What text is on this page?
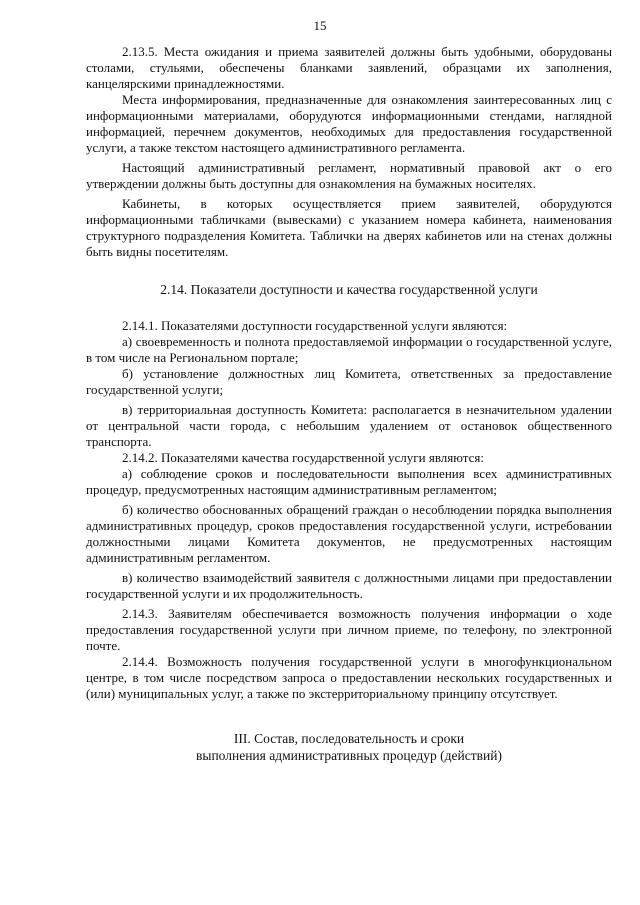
15

2.13.5. Места ожидания и приема заявителей должны быть удобными, оборудованы столами, стульями, обеспечены бланками заявлений, образцами их заполнения, канцелярскими принадлежностями.

Места информирования, предназначенные для ознакомления заинтересованных лиц с информационными материалами, оборудуются информационными стендами, наглядной информацией, перечнем документов, необходимых для предоставления государственной услуги, а также текстом настоящего административного регламента.

Настоящий административный регламент, нормативный правовой акт о его утверждении должны быть доступны для ознакомления на бумажных носителях.

Кабинеты, в которых осуществляется прием заявителей, оборудуются информационными табличками (вывесками) с указанием номера кабинета, наименования структурного подразделения Комитета. Таблички на дверях кабинетов или на стенах должны быть видны посетителям.

2.14. Показатели доступности и качества государственной услуги

2.14.1. Показателями доступности государственной услуги являются:

а) своевременность и полнота предоставляемой информации о государственной услуге, в том числе на Региональном портале;

б) установление должностных лиц Комитета, ответственных за предоставление государственной услуги;

в) территориальная доступность Комитета: располагается в незначительном удалении от центральной части города, с небольшим удалением от остановок общественного транспорта.

2.14.2. Показателями качества государственной услуги являются:

а) соблюдение сроков и последовательности выполнения всех административных процедур, предусмотренных настоящим административным регламентом;

б) количество обоснованных обращений граждан о несоблюдении порядка выполнения административных процедур, сроков предоставления государственной услуги, истребовании должностными лицами Комитета документов, не предусмотренных настоящим административным регламентом.

в) количество взаимодействий заявителя с должностными лицами при предоставлении государственной услуги и их продолжительность.

2.14.3. Заявителям обеспечивается возможность получения информации о ходе предоставления государственной услуги при личном приеме, по телефону, по электронной почте.

2.14.4. Возможность получения государственной услуги в многофункциональном центре, в том числе посредством запроса о предоставлении нескольких государственных и (или) муниципальных услуг, а также по экстерриториальному принципу отсутствует.

III. Состав, последовательность и сроки
выполнения административных процедур (действий)
